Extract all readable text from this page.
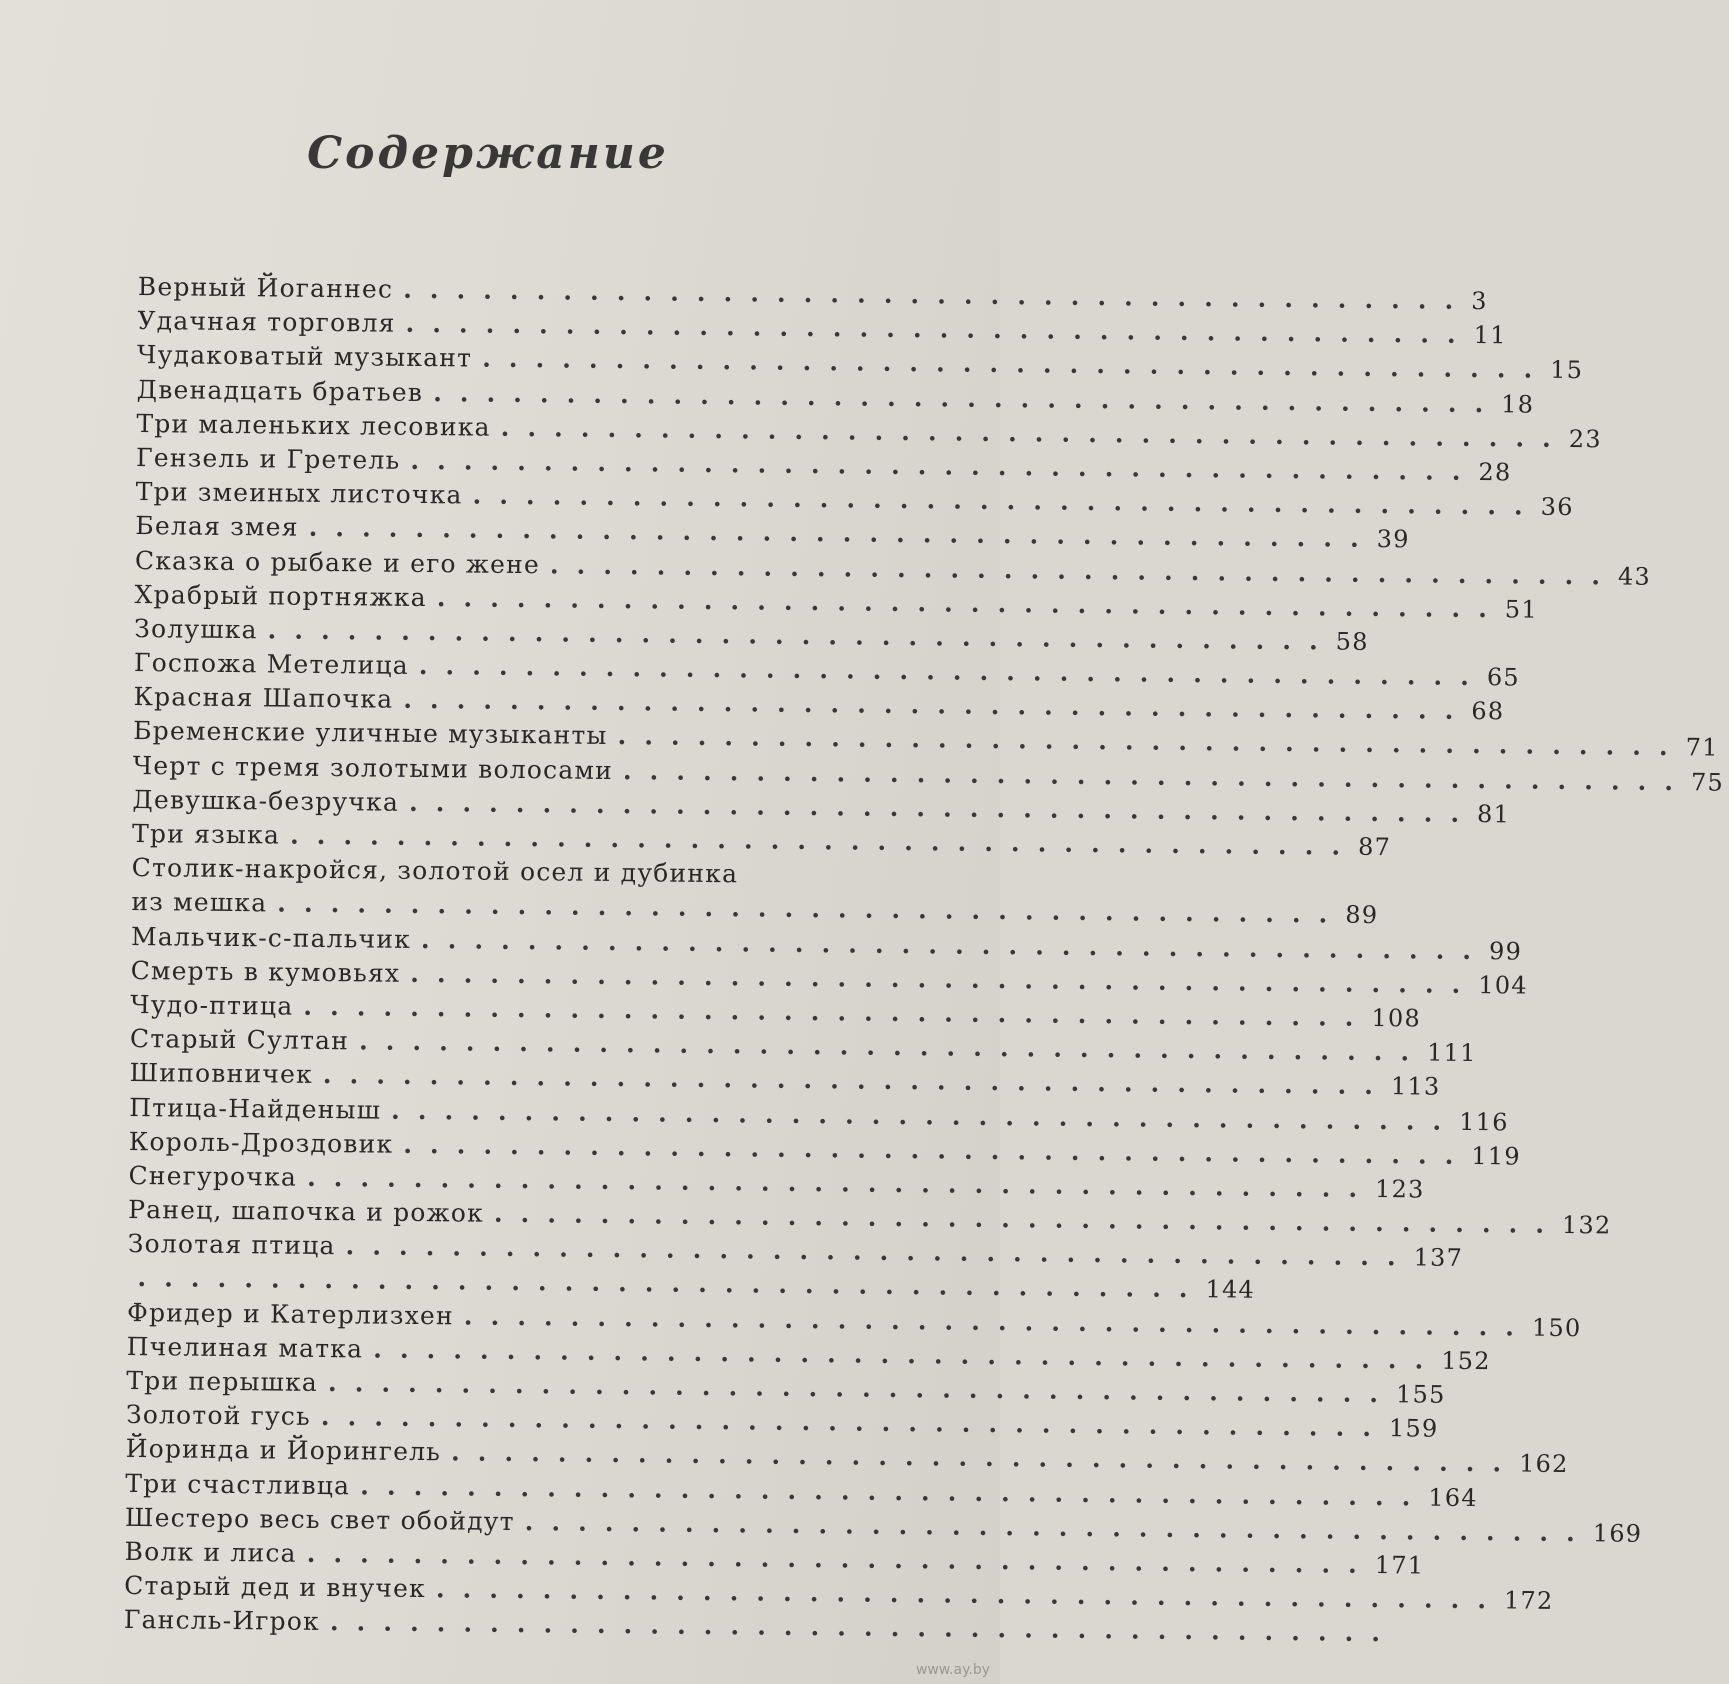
Содержание
Верный Йоганнес ........................................ 3
Удачная торговля ........................................ 11
Чудаковатый музыкант ........................................ 15
Двенадцать братьев ........................................ 18
Три маленьких лесовика ........................................ 23
Гензель и Гретель ........................................ 28
Три змеиных листочка ........................................ 36
Белая змея ........................................ 39
Сказка о рыбаке и его жене ........................................ 43
Храбрый портняжка ........................................ 51
Золушка ........................................ 58
Госпожа Метелица ........................................ 65
Красная Шапочка ........................................ 68
Бременские уличные музыканты ........................................ 71
Черт с тремя золотыми волосами ........................................ 75
Девушка-безручка ........................................ 81
Три языка ........................................ 87
Столик-накройся, золотой осел и дубинка
из мешка ........................................ 89
Мальчик-с-пальчик ........................................ 99
Смерть в кумовьях ........................................ 104
Чудо-птица ........................................ 108
Старый Султан ........................................ 111
Шиповничек ........................................ 113
Птица-Найденыш ........................................ 116
Король-Дроздовик ........................................ 119
Снегурочка ........................................ 123
Ранец, шапочка и рожок ........................................ 132
Золотая птица ........................................ 137
........................................ 144
Фридер и Катерлизхен ........................................ 150
Пчелиная матка ........................................ 152
Три перышка ........................................ 155
Золотой гусь ........................................ 159
Йоринда и Йорингель ........................................ 162
Три счастливца ........................................ 164
Шестеро весь свет обойдут ........................................ 169
Волк и лиса ........................................ 171
Старый дед и внучек ........................................ 172
Гансль-Игрок ........................................
www.ay.by
